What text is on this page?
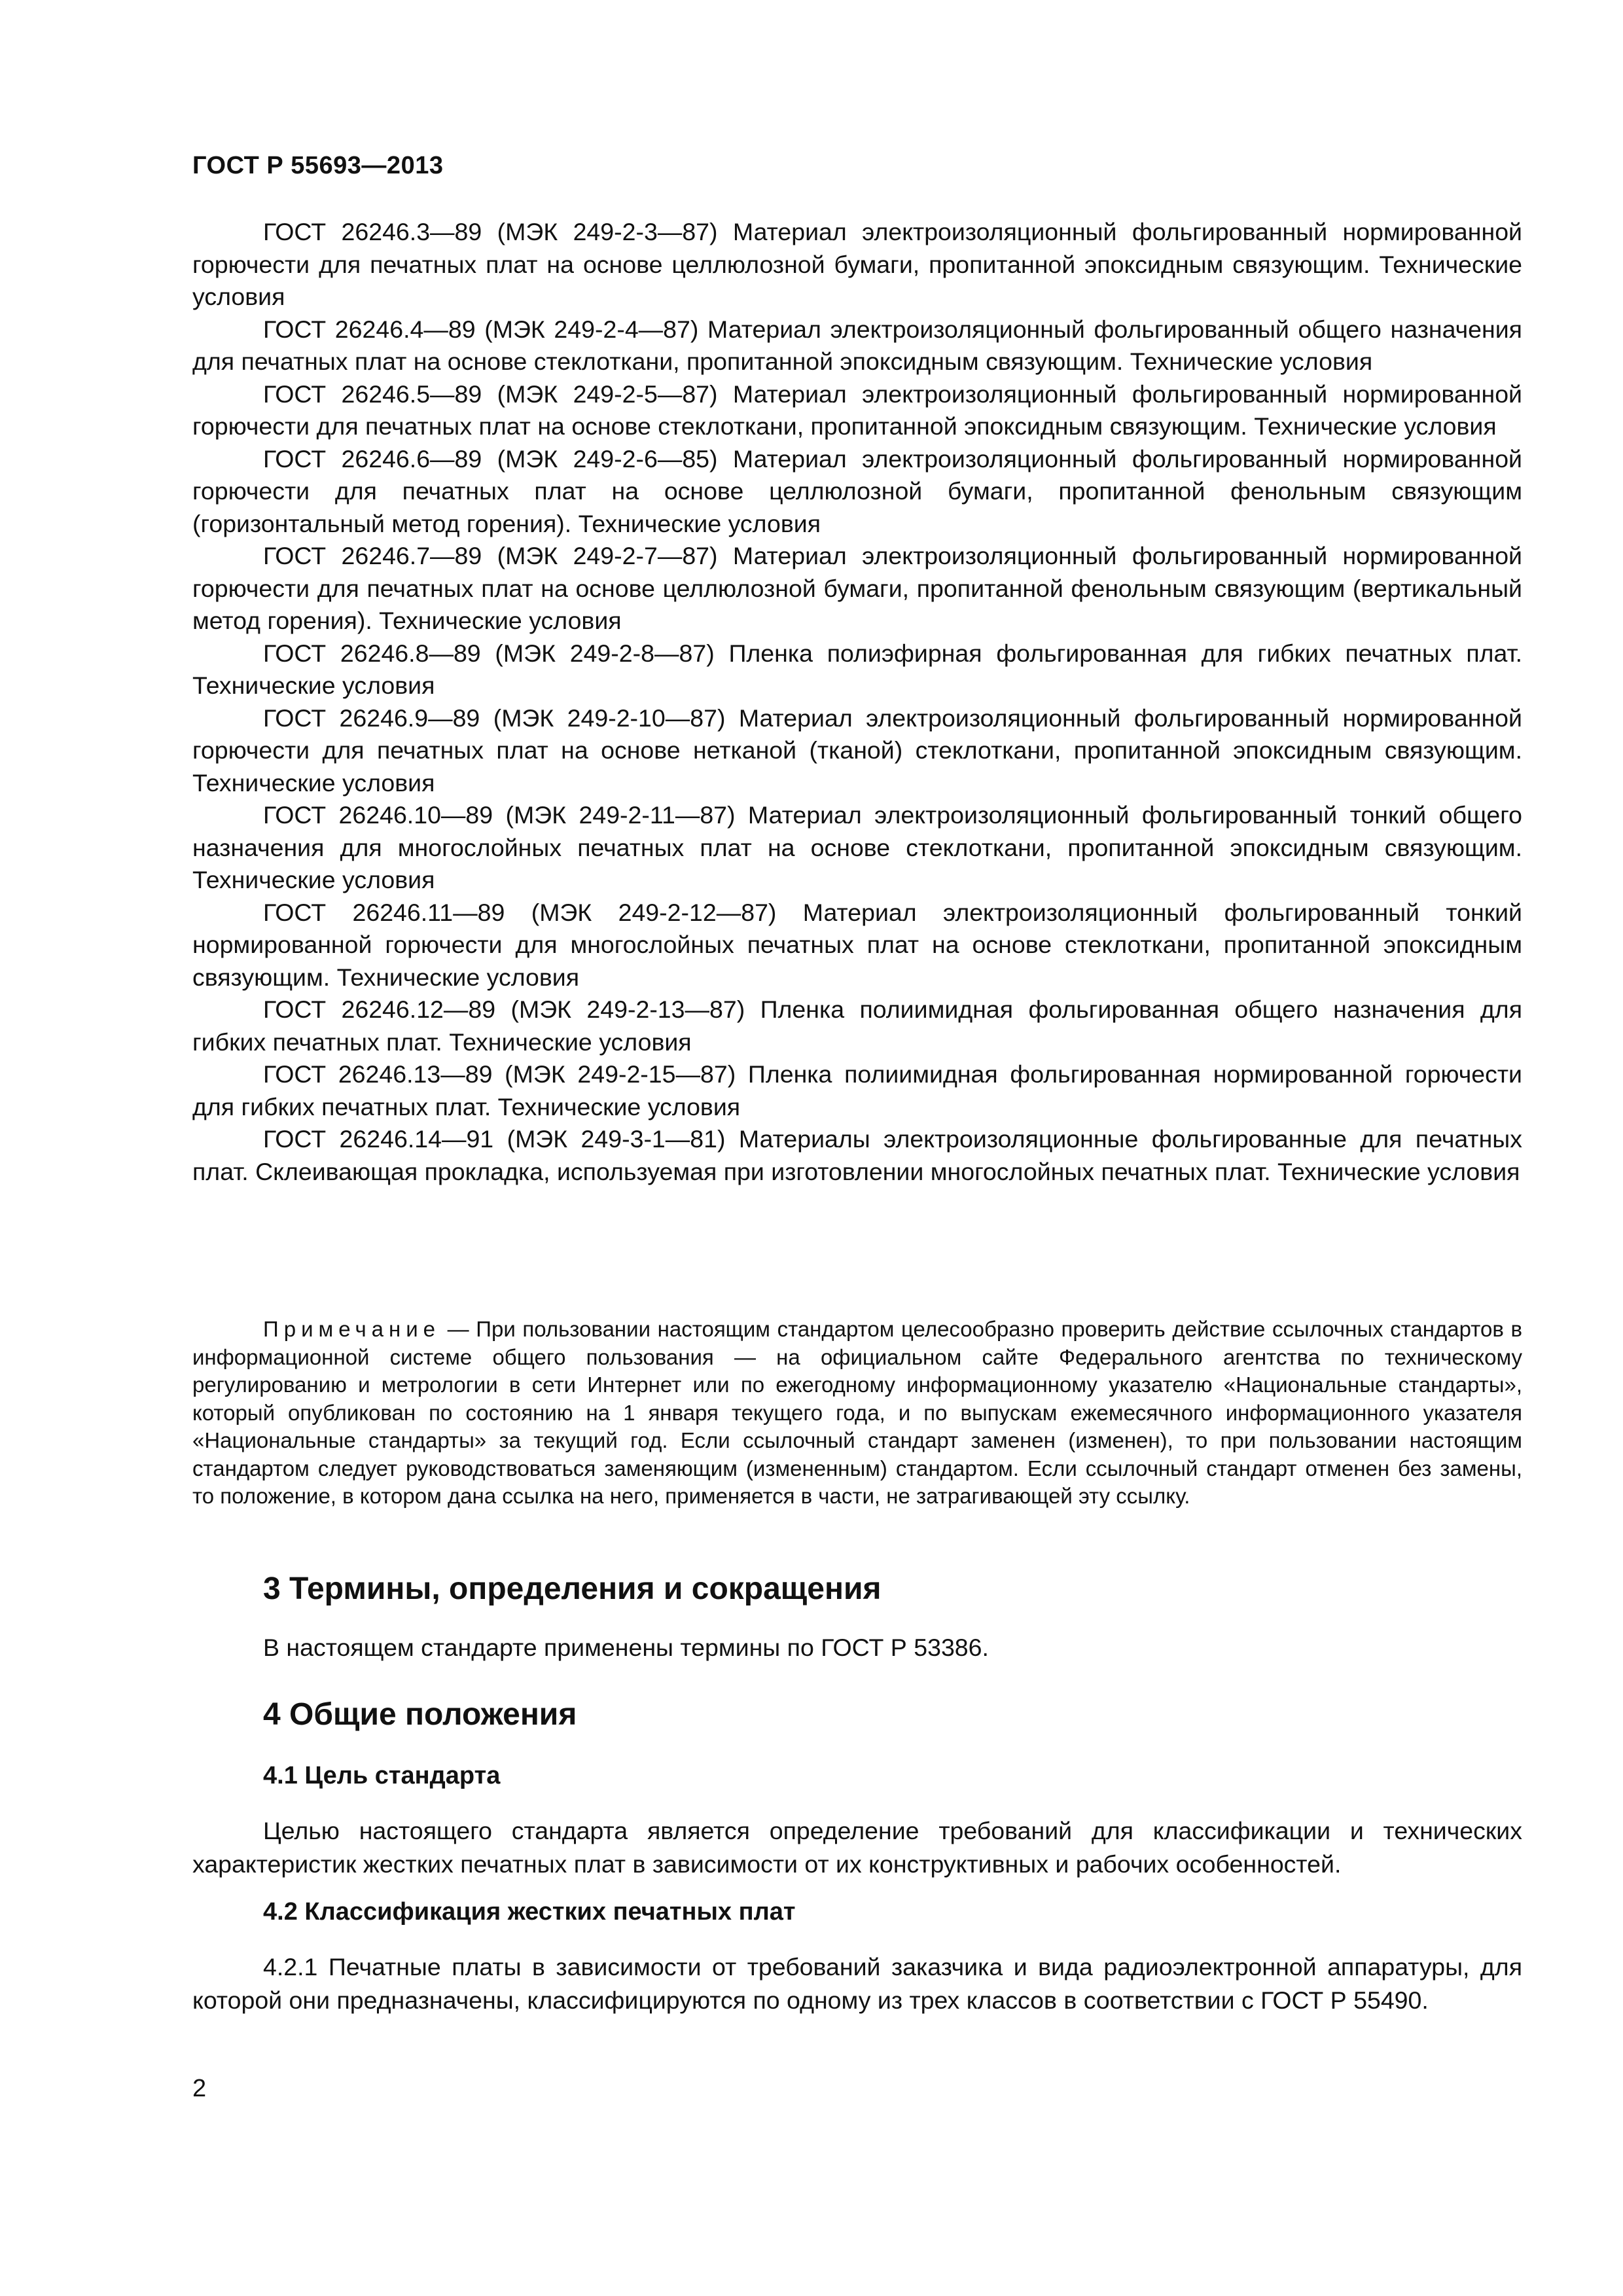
ГОСТ Р 55693—2013

ГОСТ 26246.3—89 (МЭК 249-2-3—87) Материал электроизоляционный фольгированный нормированной горючести для печатных плат на основе целлюлозной бумаги, пропитанной эпоксидным связующим. Технические условия

ГОСТ 26246.4—89 (МЭК 249-2-4—87) Материал электроизоляционный фольгированный общего назначения для печатных плат на основе стеклоткани, пропитанной эпоксидным связующим. Технические условия

ГОСТ 26246.5—89 (МЭК 249-2-5—87) Материал электроизоляционный фольгированный нормированной горючести для печатных плат на основе стеклоткани, пропитанной эпоксидным связующим. Технические условия

ГОСТ 26246.6—89 (МЭК 249-2-6—85) Материал электроизоляционный фольгированный нормированной горючести для печатных плат на основе целлюлозной бумаги, пропитанной фенольным связующим (горизонтальный метод горения). Технические условия

ГОСТ 26246.7—89 (МЭК 249-2-7—87) Материал электроизоляционный фольгированный нормированной горючести для печатных плат на основе целлюлозной бумаги, пропитанной фенольным связующим (вертикальный метод горения). Технические условия

ГОСТ 26246.8—89 (МЭК 249-2-8—87) Пленка полиэфирная фольгированная для гибких печатных плат. Технические условия

ГОСТ 26246.9—89 (МЭК 249-2-10—87) Материал электроизоляционный фольгированный нормированной горючести для печатных плат на основе нетканой (тканой) стеклоткани, пропитанной эпоксидным связующим. Технические условия

ГОСТ 26246.10—89 (МЭК 249-2-11—87) Материал электроизоляционный фольгированный тонкий общего назначения для многослойных печатных плат на основе стеклоткани, пропитанной эпоксидным связующим. Технические условия

ГОСТ 26246.11—89 (МЭК 249-2-12—87) Материал электроизоляционный фольгированный тонкий нормированной горючести для многослойных печатных плат на основе стеклоткани, пропитанной эпоксидным связующим. Технические условия

ГОСТ 26246.12—89 (МЭК 249-2-13—87) Пленка полиимидная фольгированная общего назначения для гибких печатных плат. Технические условия

ГОСТ 26246.13—89 (МЭК 249-2-15—87) Пленка полиимидная фольгированная нормированной горючести для гибких печатных плат. Технические условия

ГОСТ 26246.14—91 (МЭК 249-3-1—81) Материалы электроизоляционные фольгированные для печатных плат. Склеивающая прокладка, используемая при изготовлении многослойных печатных плат. Технические условия

Примечание — При пользовании настоящим стандартом целесообразно проверить действие ссылочных стандартов в информационной системе общего пользования — на официальном сайте Федерального агентства по техническому регулированию и метрологии в сети Интернет или по ежегодному информационному указателю «Национальные стандарты», который опубликован по состоянию на 1 января текущего года, и по выпускам ежемесячного информационного указателя «Национальные стандарты» за текущий год. Если ссылочный стандарт заменен (изменен), то при пользовании настоящим стандартом следует руководствоваться заменяющим (измененным) стандартом. Если ссылочный стандарт отменен без замены, то положение, в котором дана ссылка на него, применяется в части, не затрагивающей эту ссылку.

3 Термины, определения и сокращения

В настоящем стандарте применены термины по ГОСТ Р 53386.

4 Общие положения
4.1 Цель стандарта

Целью настоящего стандарта является определение требований для классификации и технических характеристик жестких печатных плат в зависимости от их конструктивных и рабочих особенностей.

4.2 Классификация жестких печатных плат

4.2.1 Печатные платы в зависимости от требований заказчика и вида радиоэлектронной аппаратуры, для которой они предназначены, классифицируются по одному из трех классов в соответствии с ГОСТ Р 55490.

2
